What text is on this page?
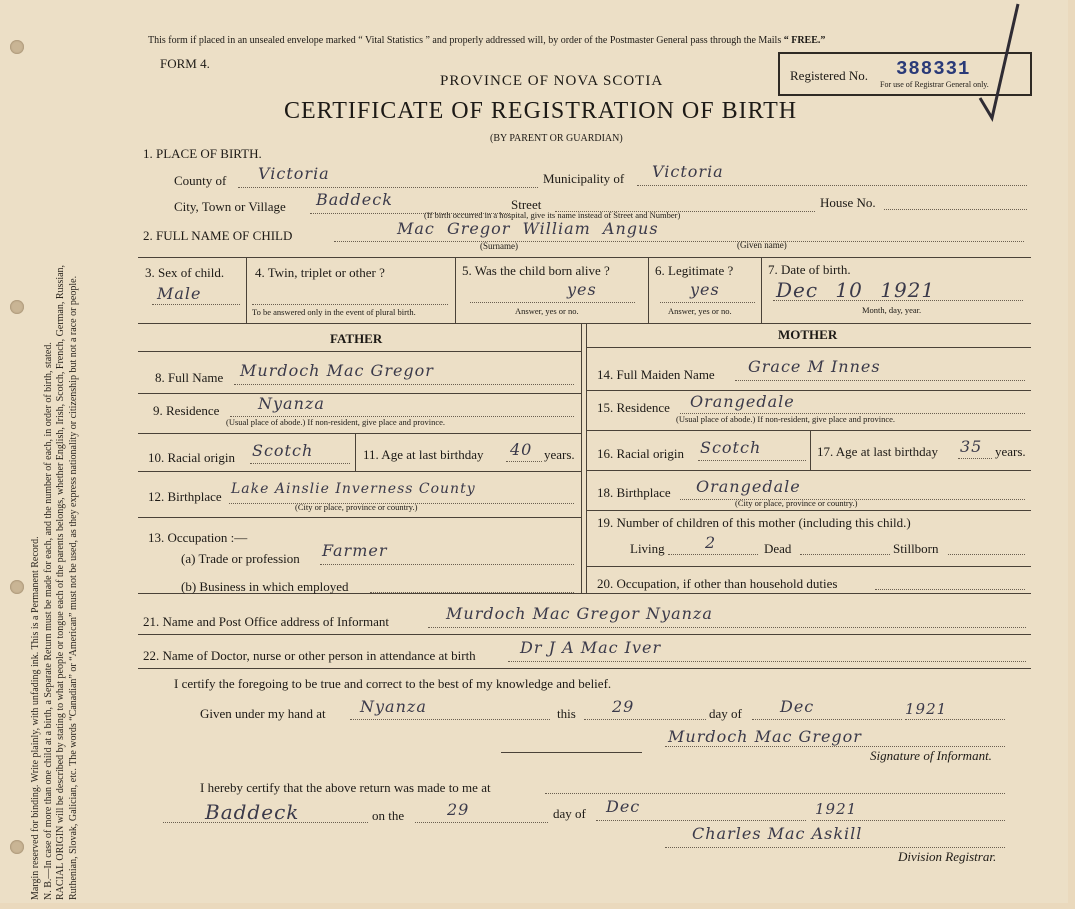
Margin reserved for binding. Write plainly, with unfading ink. This is a Permanent Record. N. B.—In case of more than one child at a birth, a Separate Return must be made for each, and the number of each, in order of birth, stated. RACIAL ORIGIN will be described by stating to what people or tongue each of the parents belongs, whether English, Irish, Scotch, French, German, Russian, Ruthenian, Slovak, Galician, etc. The words “Canadian” or “American” must not be used, as they express nationality or citizenship but not a race or people.
This form if placed in an unsealed envelope marked “ Vital Statistics ” and properly addressed will, by order of the Postmaster General pass through the Mails “ FREE.”
FORM 4.
PROVINCE OF NOVA SCOTIA
CERTIFICATE OF REGISTRATION OF BIRTH
(BY PARENT OR GUARDIAN)
Registered No.
For use of Registrar General only.
388331
1. PLACE OF BIRTH.
County of Victoria	Municipality of Victoria
City, Town or Village Baddeck	Street	House No.
(If birth occurred in a hospital, give its name instead of Street and Number)
2. FULL NAME OF CHILD	Mac Gregor William Angus
(Surname)	(Given name)
3. Sex of child.
Male
4. Twin, triplet or other ?
To be answered only in the event of plural birth.
5. Was the child born alive ?
yes
Answer, yes or no.
6. Legitimate ?
yes
Answer, yes or no.
7. Date of birth.
Dec 10 1921
Month, day, year.
FATHER	MOTHER
8. Full Name Murdoch Mac Gregor
9. Residence Nyanza
(Usual place of abode.) If non-resident, give place and province.
10. Racial origin Scotch	11. Age at last birthday 40 years.
12. Birthplace Lake Ainslie Inverness County
(City or place, province or country.)
13. Occupation :—
(a) Trade or profession Farmer
(b) Business in which employed
14. Full Maiden Name Grace M Innes
15. Residence Orangedale
(Usual place of abode.) If non-resident, give place and province.
16. Racial origin Scotch	17. Age at last birthday 35 years.
18. Birthplace Orangedale
(City or place, province or country.)
19. Number of children of this mother (including this child.)
Living	2	Dead	Stillborn
20. Occupation, if other than household duties
21. Name and Post Office address of Informant	Murdoch Mac Gregor Nyanza
22. Name of Doctor, nurse or other person in attendance at birth	Dr J A Mac Iver
I certify the foregoing to be true and correct to the best of my knowledge and belief.
Given under my hand at Nyanza	this 29	day of Dec	1921
Murdoch Mac Gregor
Signature of Informant.
I hereby certify that the above return was made to me at
Baddeck	on the	29	day of Dec	1921
Charles Mac Askill
Division Registrar.
